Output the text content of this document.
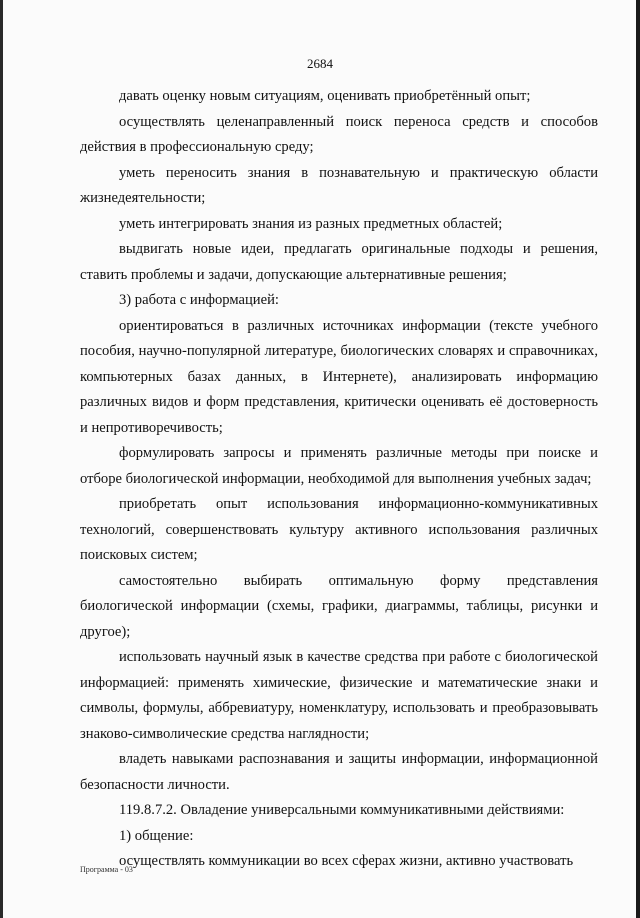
2684

давать оценку новым ситуациям, оценивать приобретённый опыт;

осуществлять целенаправленный поиск переноса средств и способов действия в профессиональную среду;

уметь переносить знания в познавательную и практическую области жизнедеятельности;

уметь интегрировать знания из разных предметных областей;

выдвигать новые идеи, предлагать оригинальные подходы и решения, ставить проблемы и задачи, допускающие альтернативные решения;

3) работа с информацией:

ориентироваться в различных источниках информации (тексте учебного пособия, научно-популярной литературе, биологических словарях и справочниках, компьютерных базах данных, в Интернете), анализировать информацию различных видов и форм представления, критически оценивать её достоверность и непротиворечивость;

формулировать запросы и применять различные методы при поиске и отборе биологической информации, необходимой для выполнения учебных задач;

приобретать опыт использования информационно-коммуникативных технологий, совершенствовать культуру активного использования различных поисковых систем;

самостоятельно выбирать оптимальную форму представления биологической информации (схемы, графики, диаграммы, таблицы, рисунки и другое);

использовать научный язык в качестве средства при работе с биологической информацией: применять химические, физические и математические знаки и символы, формулы, аббревиатуру, номенклатуру, использовать и преобразовывать знаково-символические средства наглядности;

владеть навыками распознавания и защиты информации, информационной безопасности личности.

119.8.7.2. Овладение универсальными коммуникативными действиями:

1) общение:

осуществлять коммуникации во всех сферах жизни, активно участвовать

Программа - 03
